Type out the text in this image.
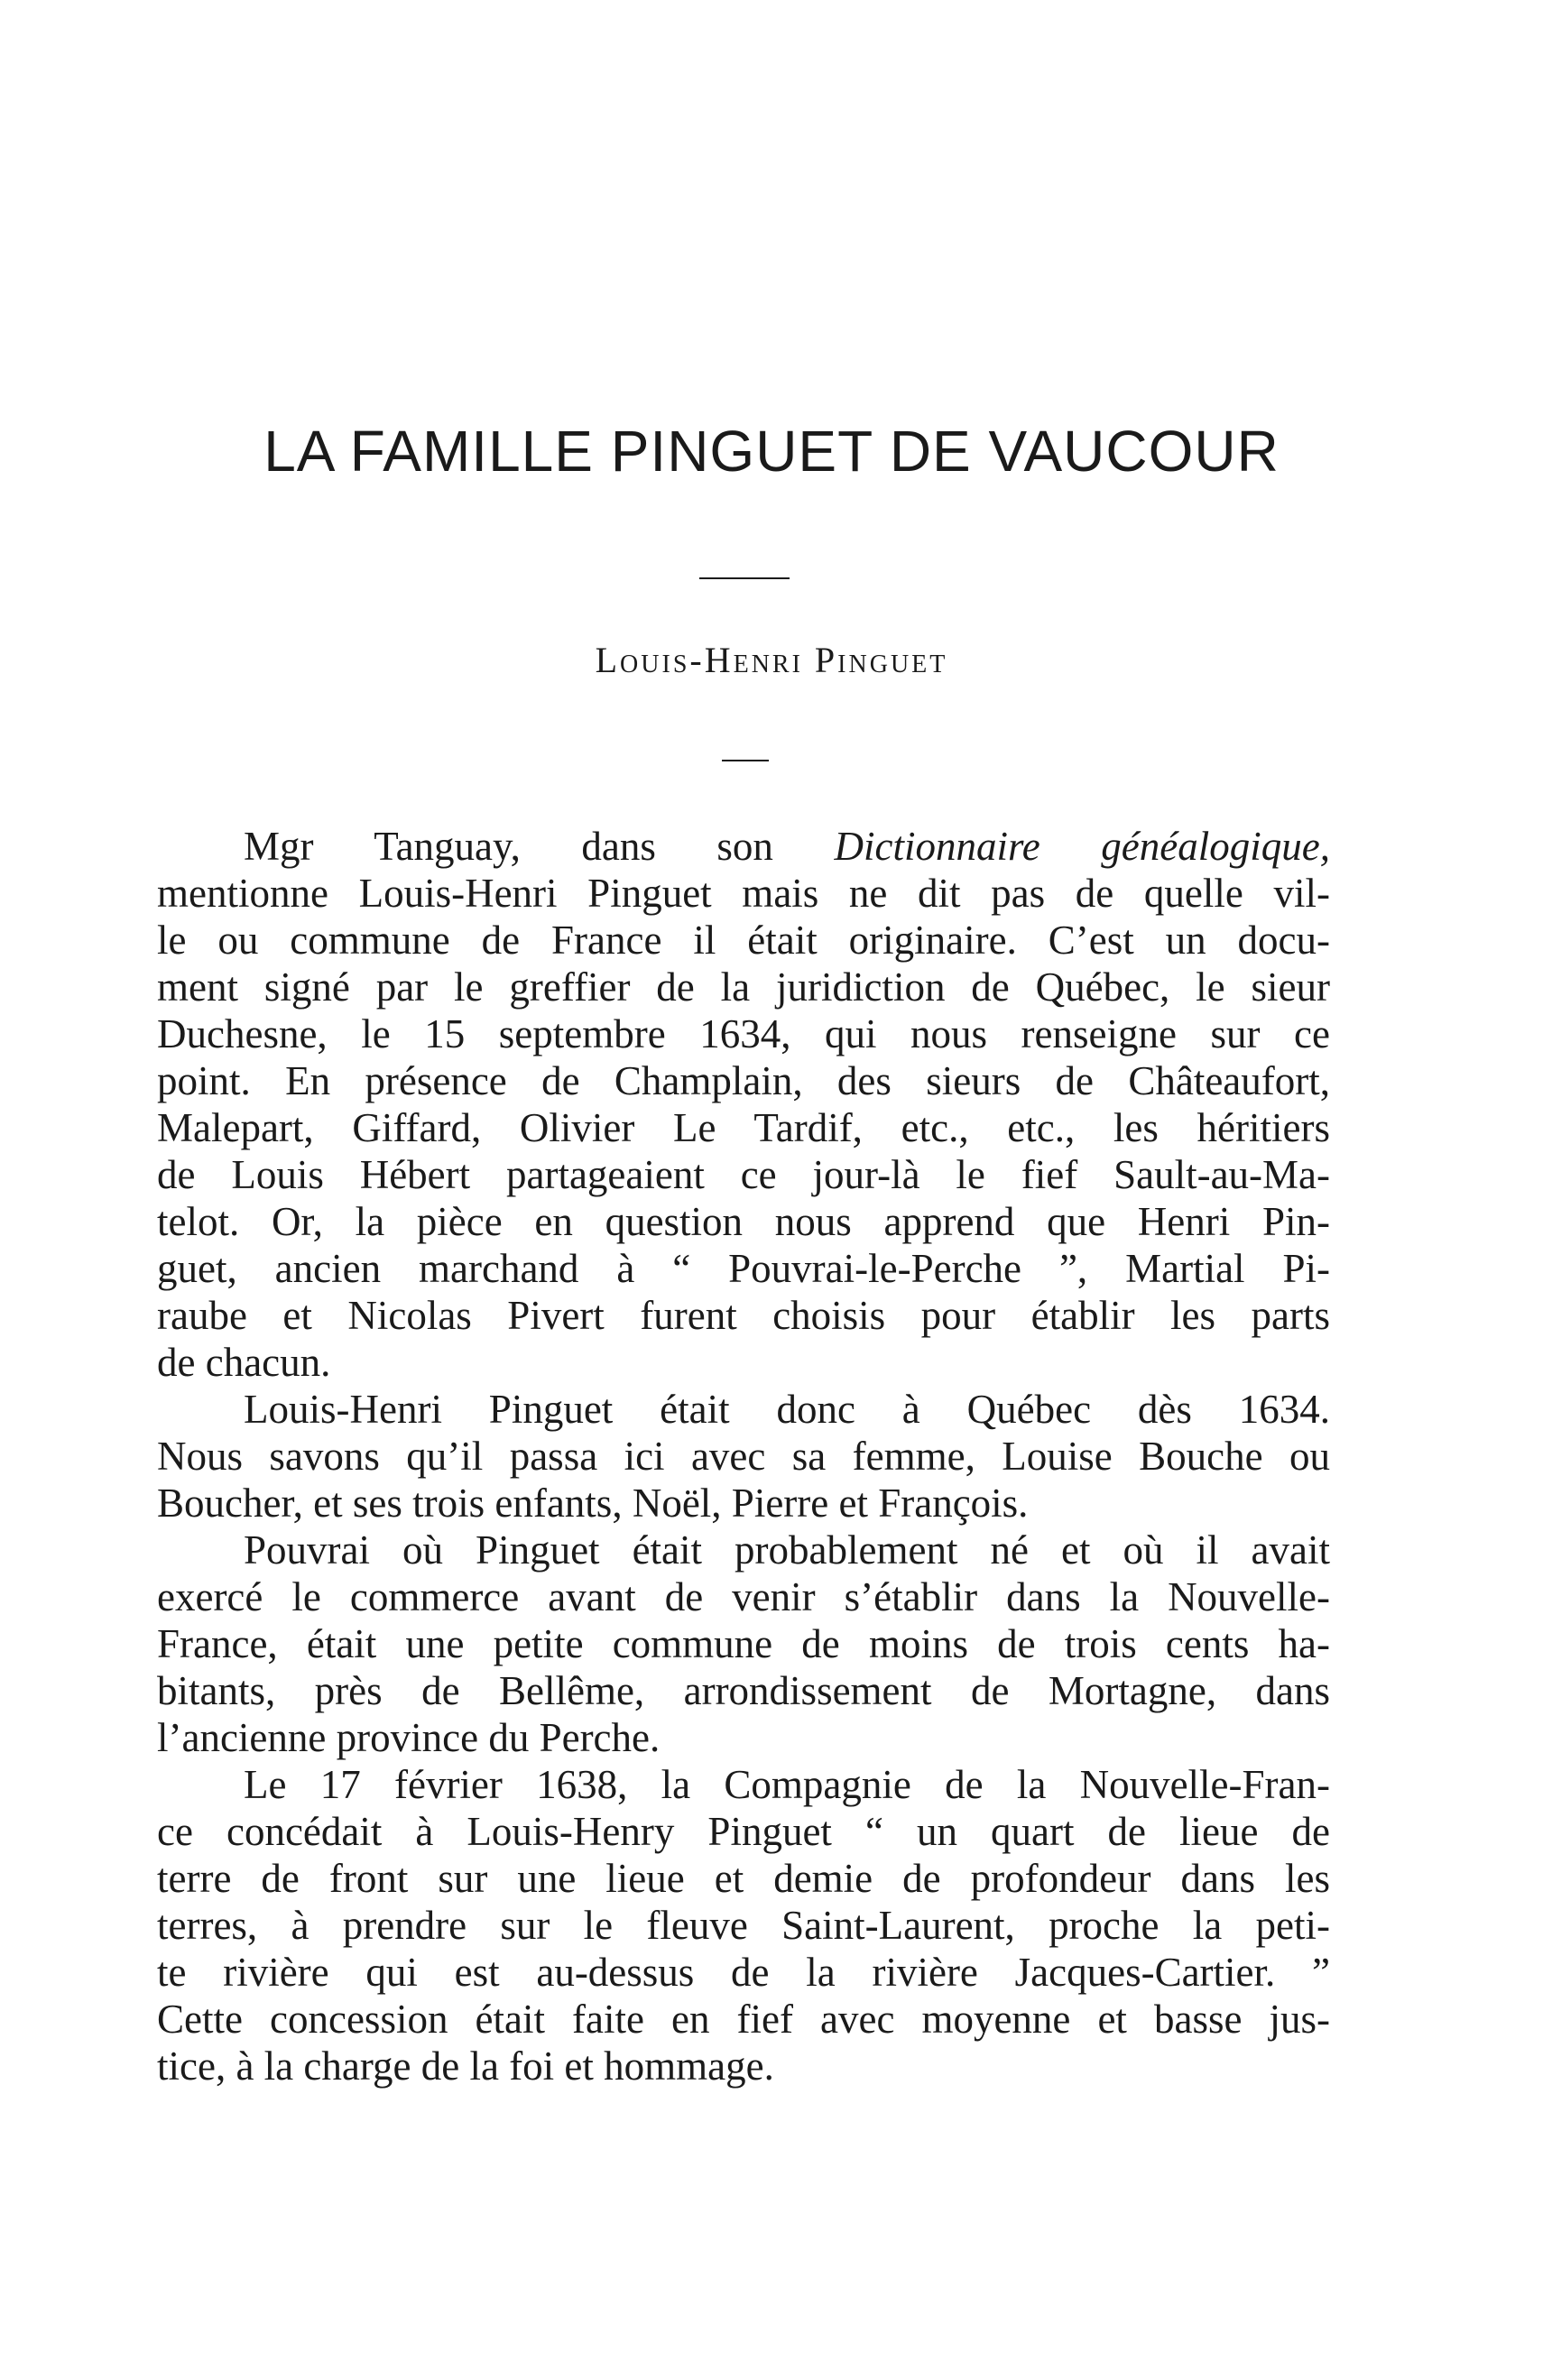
LA FAMILLE PINGUET DE VAUCOUR
Louis-Henri Pinguet
Mgr Tanguay, dans son Dictionnaire généalogique,
mentionne Louis-Henri Pinguet mais ne dit pas de quelle vil-
le ou commune de France il était originaire. C’est un docu-
ment signé par le greffier de la juridiction de Québec, le sieur
Duchesne, le 15 septembre 1634, qui nous renseigne sur ce
point. En présence de Champlain, des sieurs de Châteaufort,
Malepart, Giffard, Olivier Le Tardif, etc., etc., les héritiers
de Louis Hébert partageaient ce jour-là le fief Sault-au-Ma-
telot. Or, la pièce en question nous apprend que Henri Pin-
guet, ancien marchand à “ Pouvrai-le-Perche ”, Martial Pi-
raube et Nicolas Pivert furent choisis pour établir les parts
de chacun.
Louis-Henri Pinguet était donc à Québec dès 1634.
Nous savons qu’il passa ici avec sa femme, Louise Bouche ou
Boucher, et ses trois enfants, Noël, Pierre et François.
Pouvrai où Pinguet était probablement né et où il avait
exercé le commerce avant de venir s’établir dans la Nouvelle-
France, était une petite commune de moins de trois cents ha-
bitants, près de Bellême, arrondissement de Mortagne, dans
l’ancienne province du Perche.
Le 17 février 1638, la Compagnie de la Nouvelle-Fran-
ce concédait à Louis-Henry Pinguet “ un quart de lieue de
terre de front sur une lieue et demie de profondeur dans les
terres, à prendre sur le fleuve Saint-Laurent, proche la peti-
te rivière qui est au-dessus de la rivière Jacques-Cartier. ”
Cette concession était faite en fief avec moyenne et basse jus-
tice, à la charge de la foi et hommage.
